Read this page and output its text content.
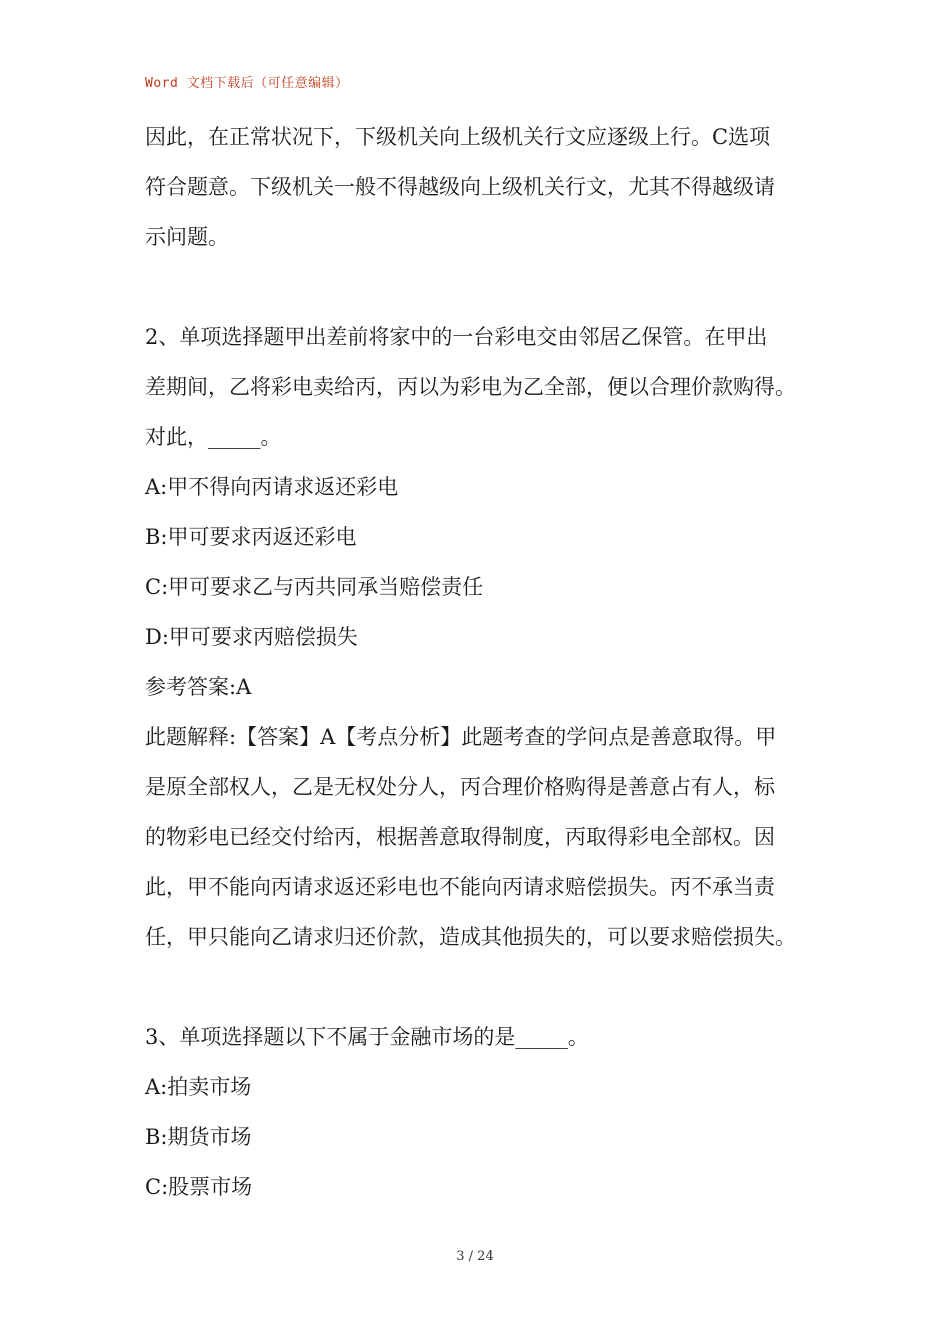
Word 文档下载后（可任意编辑）
因此，在正常状况下，下级机关向上级机关行文应逐级上行。C选项
符合题意。下级机关一般不得越级向上级机关行文，尤其不得越级请
示问题。
2、单项选择题甲出差前将家中的一台彩电交由邻居乙保管。在甲出
差期间，乙将彩电卖给丙，丙以为彩电为乙全部，便以合理价款购得。
对此，_____。
A:甲不得向丙请求返还彩电
B:甲可要求丙返还彩电
C:甲可要求乙与丙共同承当赔偿责任
D:甲可要求丙赔偿损失
参考答案:A
此题解释:【答案】A【考点分析】此题考查的学问点是善意取得。甲
是原全部权人，乙是无权处分人，丙合理价格购得是善意占有人，标
的物彩电已经交付给丙，根据善意取得制度，丙取得彩电全部权。因
此，甲不能向丙请求返还彩电也不能向丙请求赔偿损失。丙不承当责
任，甲只能向乙请求归还价款，造成其他损失的，可以要求赔偿损失。
3、单项选择题以下不属于金融市场的是_____。
A:拍卖市场
B:期货市场
C:股票市场
3 / 24
